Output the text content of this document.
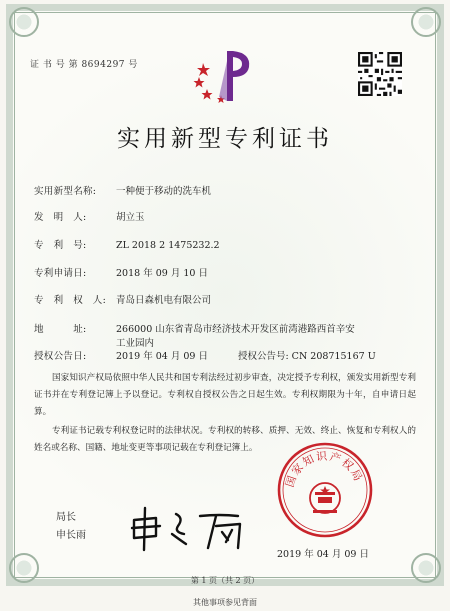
证 书 号 第 8694297 号
实用新型专利证书
实用新型名称: 一种便于移动的洗车机
发　明　人:	胡立玉
专　利　号:	ZL 2018 2 1475232.2
专利申请日:	2018 年 09 月 10 日
专　利　权　人: 青岛日森机电有限公司
地　　　址:	266000 山东省青岛市经济技术开发区前湾港路西首辛安
工业园内
授权公告日:	2019 年 04 月 09 日	授权公告号: CN 208715167 U
国家知识产权局依照中华人民共和国专利法经过初步审查，决定授予专利权，颁发实用新型专利证书并在专利登记簿上予以登记。专利权自授权公告之日起生效。专利权期限为十年，自申请日起算。
专利证书记载专利权登记时的法律状况。专利权的转移、质押、无效、终止、恢复和专利权人的姓名或名称、国籍、地址变更等事项记载在专利登记簿上。
局长
申长雨
国家知识产权局
2019 年 04 月 09 日
第 1 页（共 2 页）
其他事项参见背面
